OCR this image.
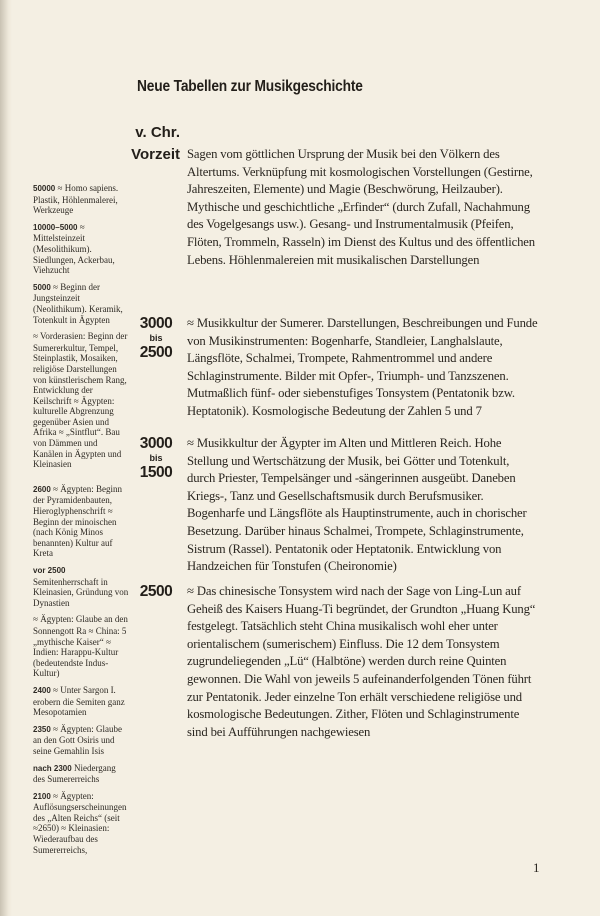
Neue Tabellen zur Musikgeschichte
v. Chr.
Vorzeit Sagen vom göttlichen Ursprung der Musik bei den Völkern des Altertums. Verknüpfung mit kosmologischen Vorstellungen (Gestirne, Jahreszeiten, Elemente) und Magie (Beschwörung, Heilzauber). Mythische und geschichtliche „Erfinder“ (durch Zufall, Nachahmung des Vogelgesangs usw.). Gesang- und Instrumentalmusik (Pfeifen, Flöten, Trommeln, Rasseln) im Dienst des Kultus und des öffentlichen Lebens. Höhlenmalereien mit musikalischen Darstellungen
3000
bis
2500
≈ Musikkultur der Sumerer. Darstellungen, Beschreibungen und Funde von Musikinstrumenten: Bogenharfe, Standleier, Langhalslaute, Längsflöte, Schalmei, Trompete, Rahmentrommel und andere Schlaginstrumente. Bilder mit Opfer-, Triumph- und Tanzszenen. Mutmaßlich fünf- oder siebenstufiges Tonsystem (Pentatonik bzw. Heptatonik). Kosmologische Bedeutung der Zahlen 5 und 7
3000
bis
1500
≈ Musikkultur der Ägypter im Alten und Mittleren Reich. Hohe Stellung und Wertschätzung der Musik, bei Götter und Totenkult, durch Priester, Tempelsänger und -sängerinnen ausgeübt. Daneben Kriegs-, Tanz und Gesellschaftsmusik durch Berufsmusiker. Bogenharfe und Längsflöte als Hauptinstrumente, auch in chorischer Besetzung. Darüber hinaus Schalmei, Trompete, Schlaginstrumente, Sistrum (Rassel). Pentatonik oder Heptatonik. Entwicklung von Handzeichen für Tonstufen (Cheironomie)
2500	≈ Das chinesische Tonsystem wird nach der Sage von Ling-Lun auf Geheiß des Kaisers Huang-Ti begründet, der Grundton „Huang Kung“ festgelegt. Tatsächlich steht China musikalisch wohl eher unter orientalischem (sumerischem) Einfluss. Die 12 dem Tonsystem zugrundeliegenden „Lü“ (Halbtöne) werden durch reine Quinten gewonnen. Die Wahl von jeweils 5 aufeinanderfolgenden Tönen führt zur Pentatonik. Jeder einzelne Ton erhält verschiedene religiöse und kosmologische Bedeutungen. Zither, Flöten und Schlaginstrumente sind bei Aufführungen nachgewiesen
50000 ≈ Homo sapiens. Plastik, Höhlenmalerei, Werkzeuge
10000–5000 ≈ Mittelsteinzeit (Mesolithikum). Siedlungen, Ackerbau, Viehzucht
5000 ≈ Beginn der Jungsteinzeit (Neolithikum). Keramik, Totenkult in Ägypten
≈ Vorderasien: Beginn der Sumererkultur, Tempel, Steinplastik, Mosaiken, religiöse Darstellungen von künstlerischem Rang, Entwicklung der Keilschrift ≈ Ägypten: kulturelle Abgrenzung gegenüber Asien und Afrika ≈ „Sintflut“. Bau von Dämmen und Kanälen in Ägypten und Kleinasien
2600 ≈ Ägypten: Beginn der Pyramidenbauten, Hieroglyphenschrift ≈ Beginn der minoischen (nach König Minos benannten) Kultur auf Kreta
vor 2500 Semitenherrschaft in Kleinasien, Gründung von Dynastien
≈ Ägypten: Glaube an den Sonnengott Ra ≈ China: 5 „mythische Kaiser“ ≈ Indien: Harappu-Kultur (bedeutendste Indus-Kultur)
2400 ≈ Unter Sargon I. erobern die Semiten ganz Mesopotamien
2350 ≈ Ägypten: Glaube an den Gott Osiris und seine Gemahlin Isis
nach 2300 Niedergang des Sumererreichs
2100 ≈ Ägypten: Auflösungserscheinungen des „Alten Reichs“ (seit ≈2650) ≈ Kleinasien: Wiederaufbau des Sumererreichs,
1
